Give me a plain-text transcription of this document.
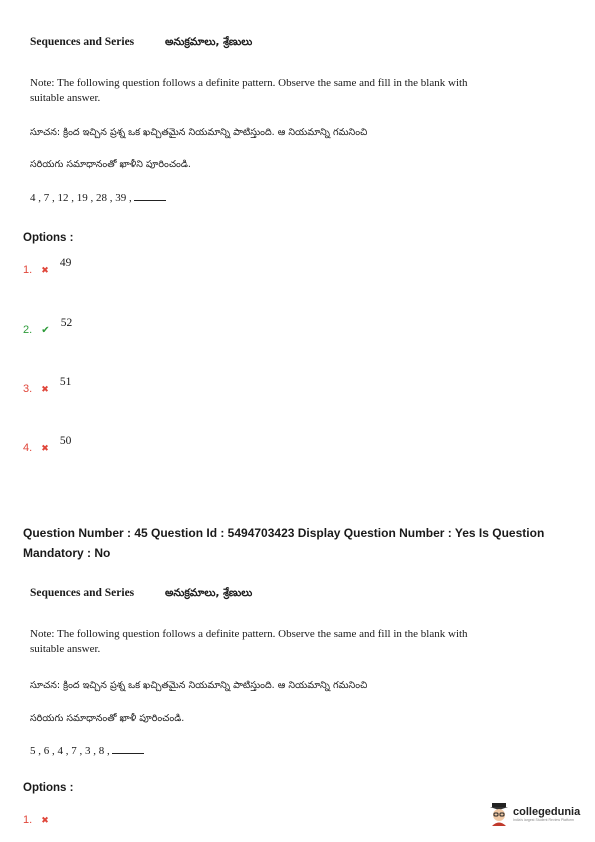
Sequences and Series	అనుక్రమాలు, శ్రేణులు
Note: The following question follows a definite pattern. Observe the same and fill in the blank with suitable answer.
సూచన: క్రింద ఇచ్చిన ప్రశ్న ఒక ఖచ్చితమైన నియమాన్ని పాటిస్తుంది. ఆ నియమాన్ని గమనించి
సరియగు సమాధానంతో ఖాళీని పూరించండి.
4 , 7 , 12 , 19 , 28 , 39 ,
Options :
1. ✖ $^{49}$
2. ✔ $^{52}$
3. ✖ $^{51}$
4. ✖ $^{50}$
Question Number : 45 Question Id : 5494703423 Display Question Number : Yes Is Question Mandatory : No
Sequences and Series	అనుక్రమాలు, శ్రేణులు
Note: The following question follows a definite pattern. Observe the same and fill in the blank with suitable answer.
సూచన: క్రింద ఇచ్చిన ప్రశ్న ఒక ఖచ్చితమైన నియమాన్ని పాటిస్తుంది. ఆ నియమాన్ని గమనించి
సరియగు సమాధానంతో ఖాళీ పూరించండి.
5 , 6 , 4 , 7 , 3 , 8 ,
Options :
1. ✖
collegedunia
India's largest Student Review Platform
